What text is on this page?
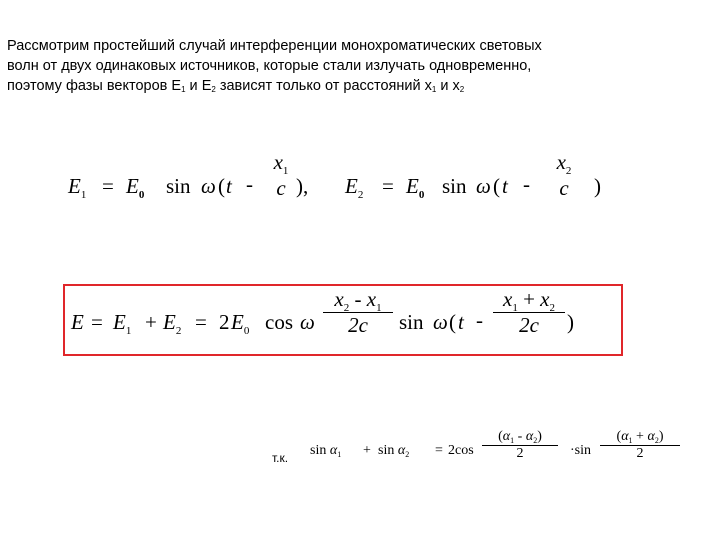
Рассмотрим простейший случай интерференции монохроматических световых
волн от двух одинаковых источников, которые стали излучать одновременно,
поэтому фазы векторов $E_1$ и $E_2$ зависят только от расстояний $x_1$ и $x_2$
$E_1 = E_0$ sin ω ( t -
$x_1$
c ), $E_2 = E_0$ sin ω ( t -
$x_2$
c	)
$E = E_1 + E_2 = 2$ $E_0$ cos ω
$x_2 - x_1$
2c	sin ω ( t -
$x_1 + x_2$
2c	)
т.к. $\sin \alpha_1 + \sin \alpha_2 = 2\cos$
$(\alpha_1 - \alpha_2)$
2	·sin
$(\alpha_1 + \alpha_2)$
2
